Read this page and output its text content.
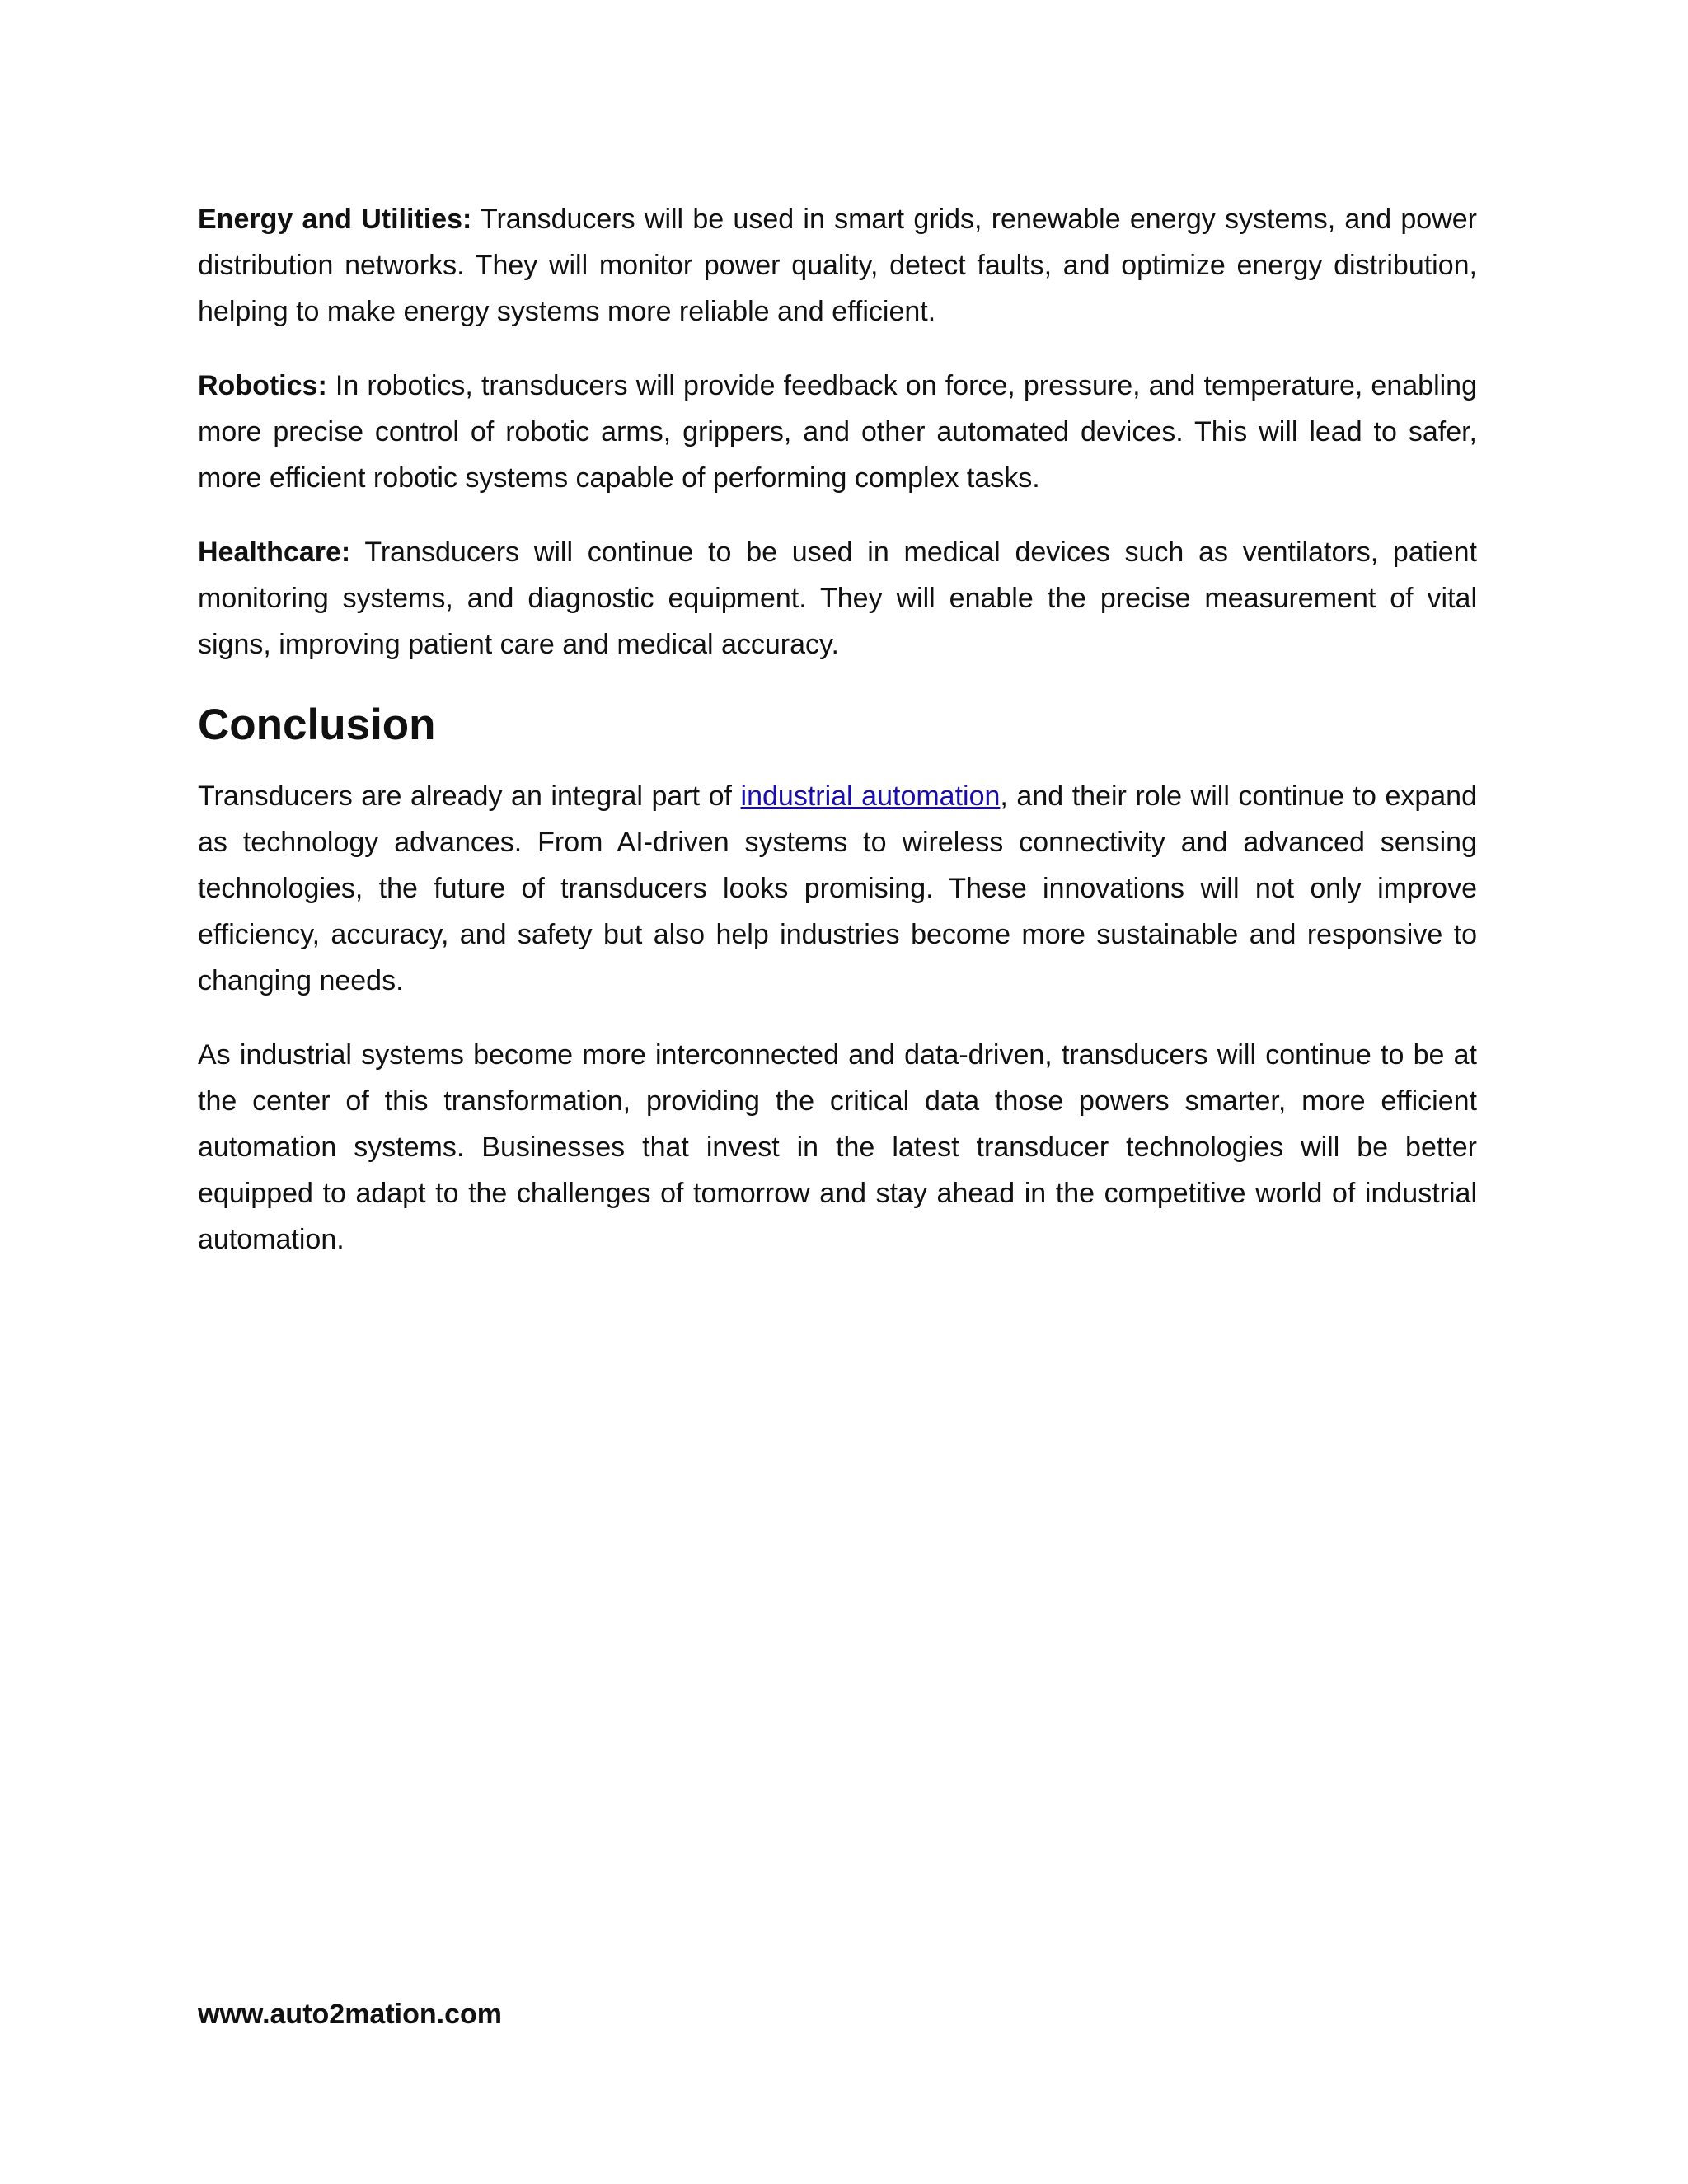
Energy and Utilities: Transducers will be used in smart grids, renewable energy systems, and power distribution networks. They will monitor power quality, detect faults, and optimize energy distribution, helping to make energy systems more reliable and efficient.

Robotics: In robotics, transducers will provide feedback on force, pressure, and temperature, enabling more precise control of robotic arms, grippers, and other automated devices. This will lead to safer, more efficient robotic systems capable of performing complex tasks.

Healthcare: Transducers will continue to be used in medical devices such as ventilators, patient monitoring systems, and diagnostic equipment. They will enable the precise measurement of vital signs, improving patient care and medical accuracy.

Conclusion

Transducers are already an integral part of industrial automation, and their role will continue to expand as technology advances. From AI-driven systems to wireless connectivity and advanced sensing technologies, the future of transducers looks promising. These innovations will not only improve efficiency, accuracy, and safety but also help industries become more sustainable and responsive to changing needs.

As industrial systems become more interconnected and data-driven, transducers will continue to be at the center of this transformation, providing the critical data those powers smarter, more efficient automation systems. Businesses that invest in the latest transducer technologies will be better equipped to adapt to the challenges of tomorrow and stay ahead in the competitive world of industrial automation.

www.auto2mation.com
